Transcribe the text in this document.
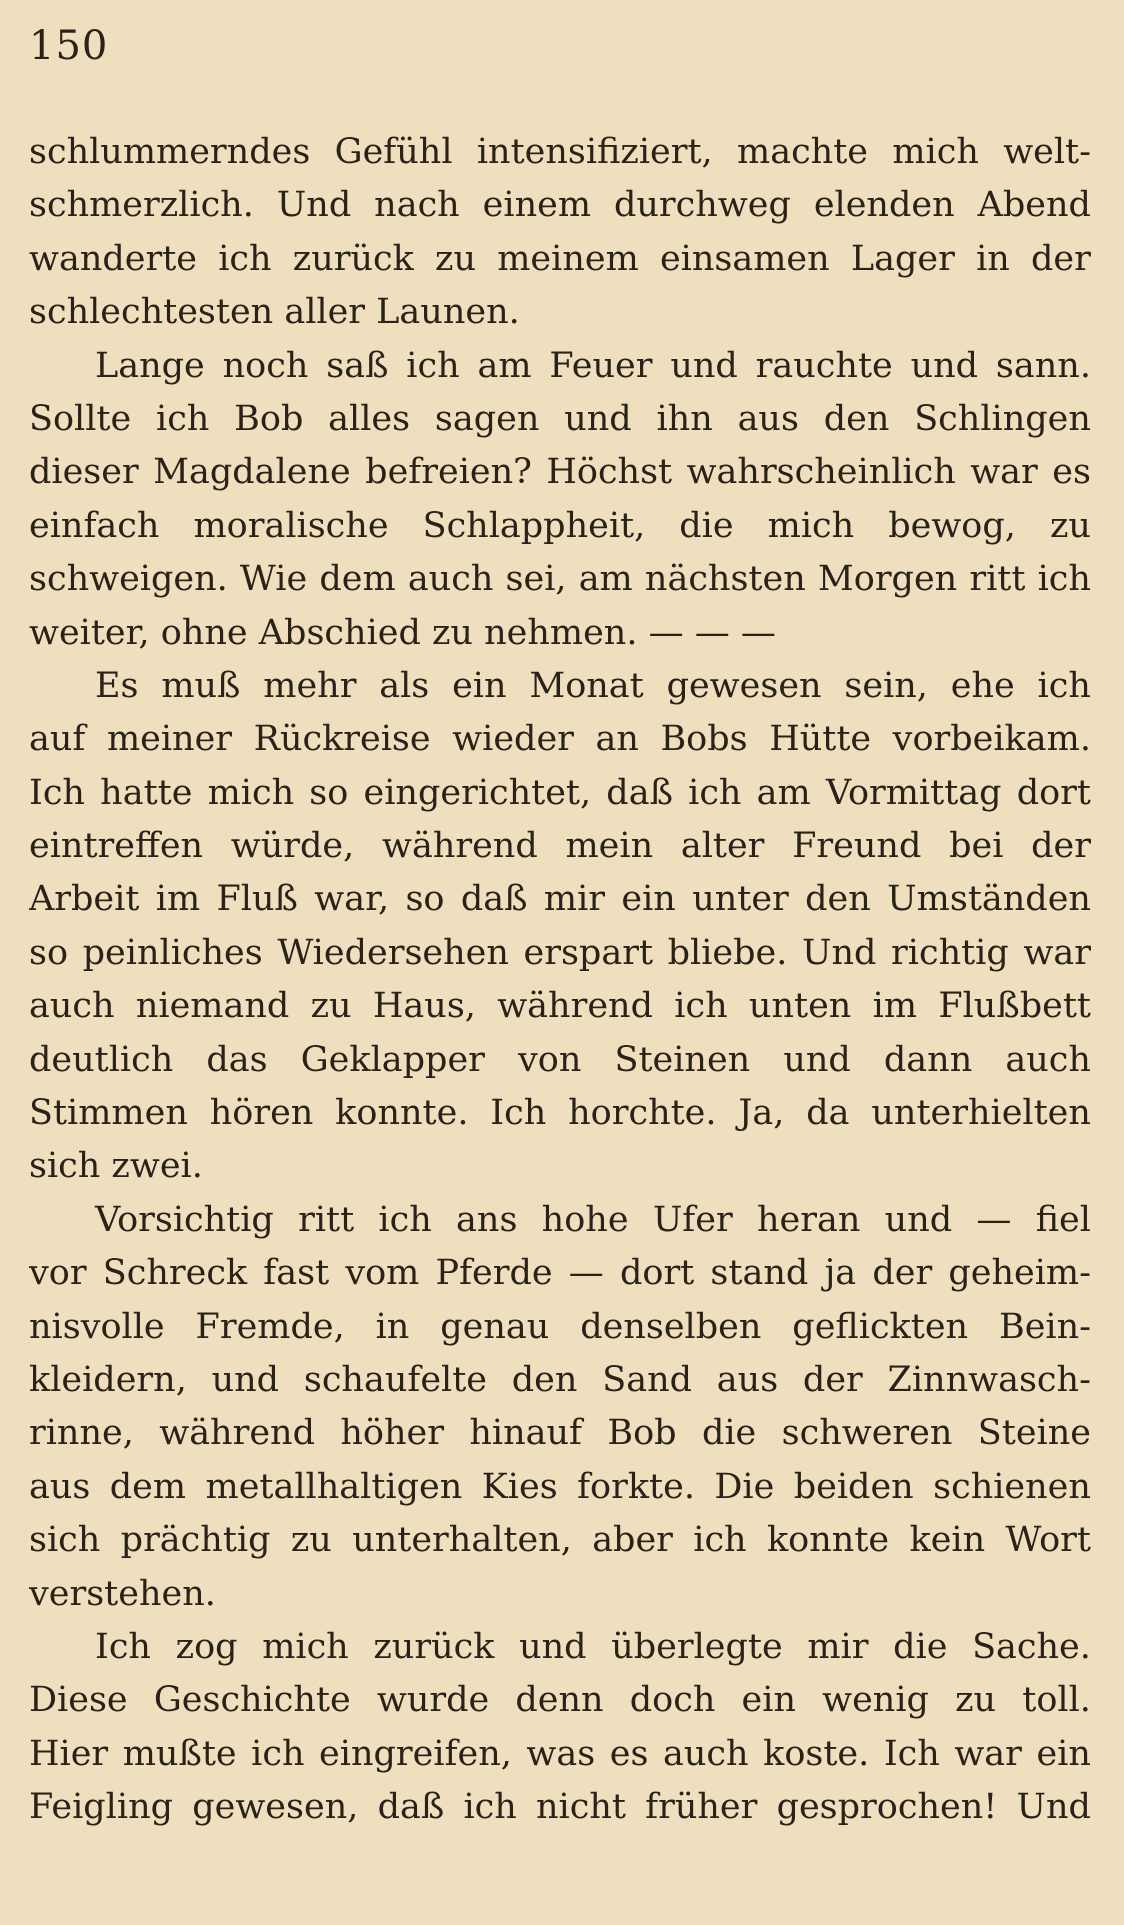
150
schlummerndes Gefühl intensifiziert, machte mich welt-
schmerzlich. Und nach einem durchweg elenden Abend
wanderte ich zurück zu meinem einsamen Lager in der
schlechtesten aller Launen.
Lange noch saß ich am Feuer und rauchte und sann.
Sollte ich Bob alles sagen und ihn aus den Schlingen
dieser Magdalene befreien? Höchst wahrscheinlich war es
einfach moralische Schlappheit, die mich bewog, zu
schweigen. Wie dem auch sei, am nächsten Morgen ritt ich
weiter, ohne Abschied zu nehmen. — — —
Es muß mehr als ein Monat gewesen sein, ehe ich
auf meiner Rückreise wieder an Bobs Hütte vorbeikam.
Ich hatte mich so eingerichtet, daß ich am Vormittag dort
eintreffen würde, während mein alter Freund bei der
Arbeit im Fluß war, so daß mir ein unter den Umständen
so peinliches Wiedersehen erspart bliebe. Und richtig war
auch niemand zu Haus, während ich unten im Flußbett
deutlich das Geklapper von Steinen und dann auch
Stimmen hören konnte. Ich horchte. Ja, da unterhielten
sich zwei.
Vorsichtig ritt ich ans hohe Ufer heran und — fiel
vor Schreck fast vom Pferde — dort stand ja der geheim-
nisvolle Fremde, in genau denselben geflickten Bein-
kleidern, und schaufelte den Sand aus der Zinnwasch-
rinne, während höher hinauf Bob die schweren Steine
aus dem metallhaltigen Kies forkte. Die beiden schienen
sich prächtig zu unterhalten, aber ich konnte kein Wort
verstehen.
Ich zog mich zurück und überlegte mir die Sache.
Diese Geschichte wurde denn doch ein wenig zu toll.
Hier mußte ich eingreifen, was es auch koste. Ich war ein
Feigling gewesen, daß ich nicht früher gesprochen! Und
